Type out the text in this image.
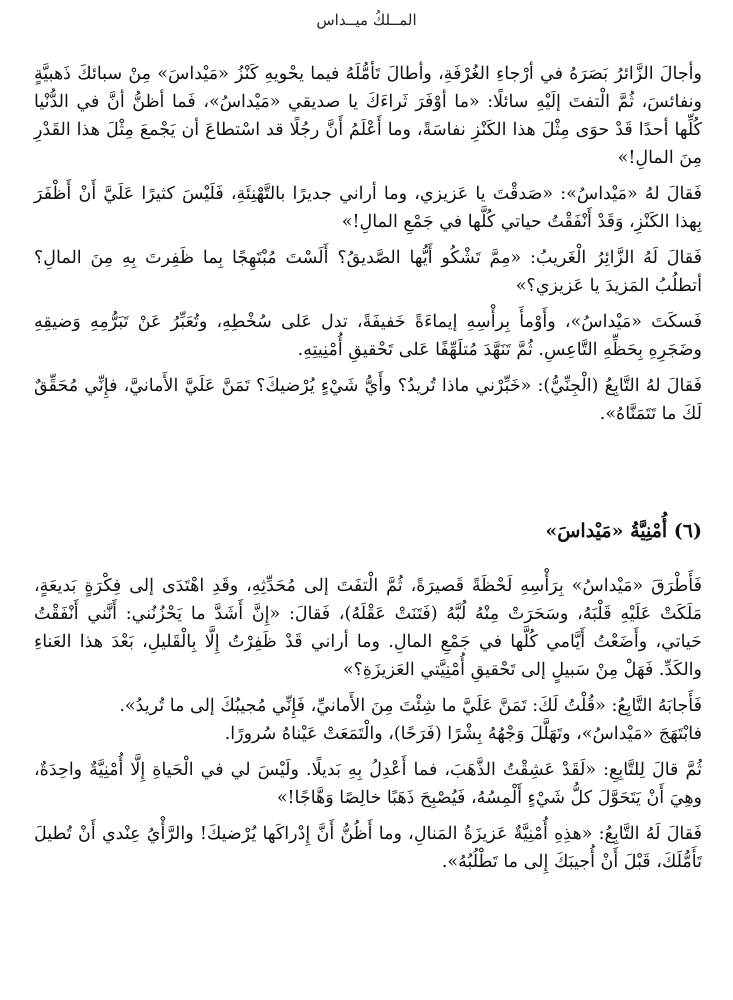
المــلكُ ميــداس

وأجالَ الزَّائرُ بَصَرَهُ في أرْجاءِ الغُرْفَةِ، وأطالَ تَأمُّلَهُ فيما يحْويهِ كَنْزُ «مَيْداسَ» مِنْ سبائكَ ذَهبيَّةٍ ونفائسَ، ثُمَّ الْتفتَ إلَيْهِ سائلًا: «ما أوْفَرَ ثَراءَكَ يا صديقي «مَيْداسُ»، فَما أظنُّ أنَّ في الدُّنْيا كُلِّها أحدًا قَدْ حوَى مِثْلَ هذا الكَنْزِ نفاسَةً، وما أَعْلَمُ أَنَّ رجُلًا قد اسْتطاعَ أن يَجْمعَ مِثْلَ هذا القَدْرِ مِنَ المالِ!»

فَقالَ لهُ «مَيْداسُ»: «صَدقْتَ يا عَزيزي، وما أراني جديرًا بالتَّهْنِئَةِ، فَلَيْسَ كثيرًا عَلَيَّ أَنْ أَظْفَرَ بِهذا الكَنْزِ، وَقَدْ أَنْفَقْتُ حياتي كُلَّها في جَمْعِ المالِ!»

فَقالَ لَهُ الزَّائِرُ الْغَريبُ: «مِمَّ تَشْكُو أَيُّها الصَّديقُ؟ أَلَسْتَ مُبْتَهِجًا بِما ظَفِرتَ بِهِ مِنَ المالِ؟ أتطلُبُ المَزيدَ يا عَزيزي؟»

فَسكَتَ «مَيْداسُ»، وأَوْمأَ بِرأْسِهِ إيماءَةً خَفيفَةً، تدل عَلى سُخْطِهِ، وتُعَبِّرُ عَنْ تَبَرُّمِهِ وَضيقِهِ وضَجَرِهِ بِحَظِّهِ التَّاعِسِ. ثُمَّ تَنَهَّدَ مُتلَهِّفًا عَلى تَحْقيقِ أُمْنِيتِهِ.

فَقالَ لهُ التَّابِعُ (الْجِنِّيُّ): «خَبِّرْني ماذا تُريدُ؟ وأَيُّ شَيْءٍ يُرْضيكَ؟ تَمَنَّ عَلَيَّ الأَمانيَّ، فإِنِّي مُحَقِّقٌ لَكَ ما تَتَمَنَّاهُ».

(٦) أُمْنِيَّةُ «مَيْداسَ»

فَأَطْرَقَ «مَيْداسُ» بِرَأْسِهِ لَحْظَةً قَصيرَةً، ثُمَّ الْتفَتَ إلى مُحَدِّثِهِ، وقَدِ اهْتَدَى إلى فِكْرَةٍ بَديعَةٍ، مَلَكَتْ عَلَيْهِ قَلْبَهُ، وسَحَرَتْ مِنْهُ لُبَّهُ (فَتَنَتْ عَقْلَهُ)، فَقالَ: «إِنَّ أَشَدَّ ما يَحْزُنُني: أَنَّني أَنْفَقْتُ حَياتي، وأَضَعْتُ أَيَّامي كُلَّها في جَمْعِ المالِ. وما أراني قَدْ ظَفِرْتُ إِلَّا بِالْقَليلِ، بَعْدَ هذا العَناءِ والكَدِّ. فَهَلْ مِنْ سَبيلٍ إلى تَحْقيقِ أُمْنِيَّتي العَزيزَةِ؟»

فَأَجابَهُ التَّابِعُ: «قُلْتُ لَكَ: تَمَنَّ عَلَيَّ ما شِئْتَ مِنَ الأَمانيِّ، فَإِنِّي مُجيبُكَ إلى ما تُريدُ».

فابْتَهَجَ «مَيْداسُ»، وتَهَلَّلَ وَجْهُهُ بِشْرًا (فَرَحًا)، والْتَمَعَتْ عَيْناهُ سُرورًا.

ثُمَّ قالَ لِلتَّابِعِ: «لَقَدْ عَشِقْتُ الذَّهَبَ، فما أَعْدِلُ بِهِ بَديلًا. ولَيْسَ لي في الْحَياةِ إِلَّا أُمْنِيَّةٌ واحِدَةٌ، وهِيَ أَنْ يَتَحَوَّلَ كلُّ شَيْءٍ أَلْمِسُهُ، فَيُصْبِحَ ذَهَبًا خالِصًا وَهَّاجًا!»

فَقالَ لَهُ التَّابِعُ: «هذِهِ أُمْنِيَّةٌ عَزيزَةُ المَنالِ، وما أَظُنُّ أَنَّ إِدْراكَها يُرْضيكَ! والرَّأْيُ عِنْدي أَنْ تُطيلَ تَأَمُّلَكَ، قَبْلَ أَنْ أُجيبَكَ إِلى ما تَطْلُبُهُ».
